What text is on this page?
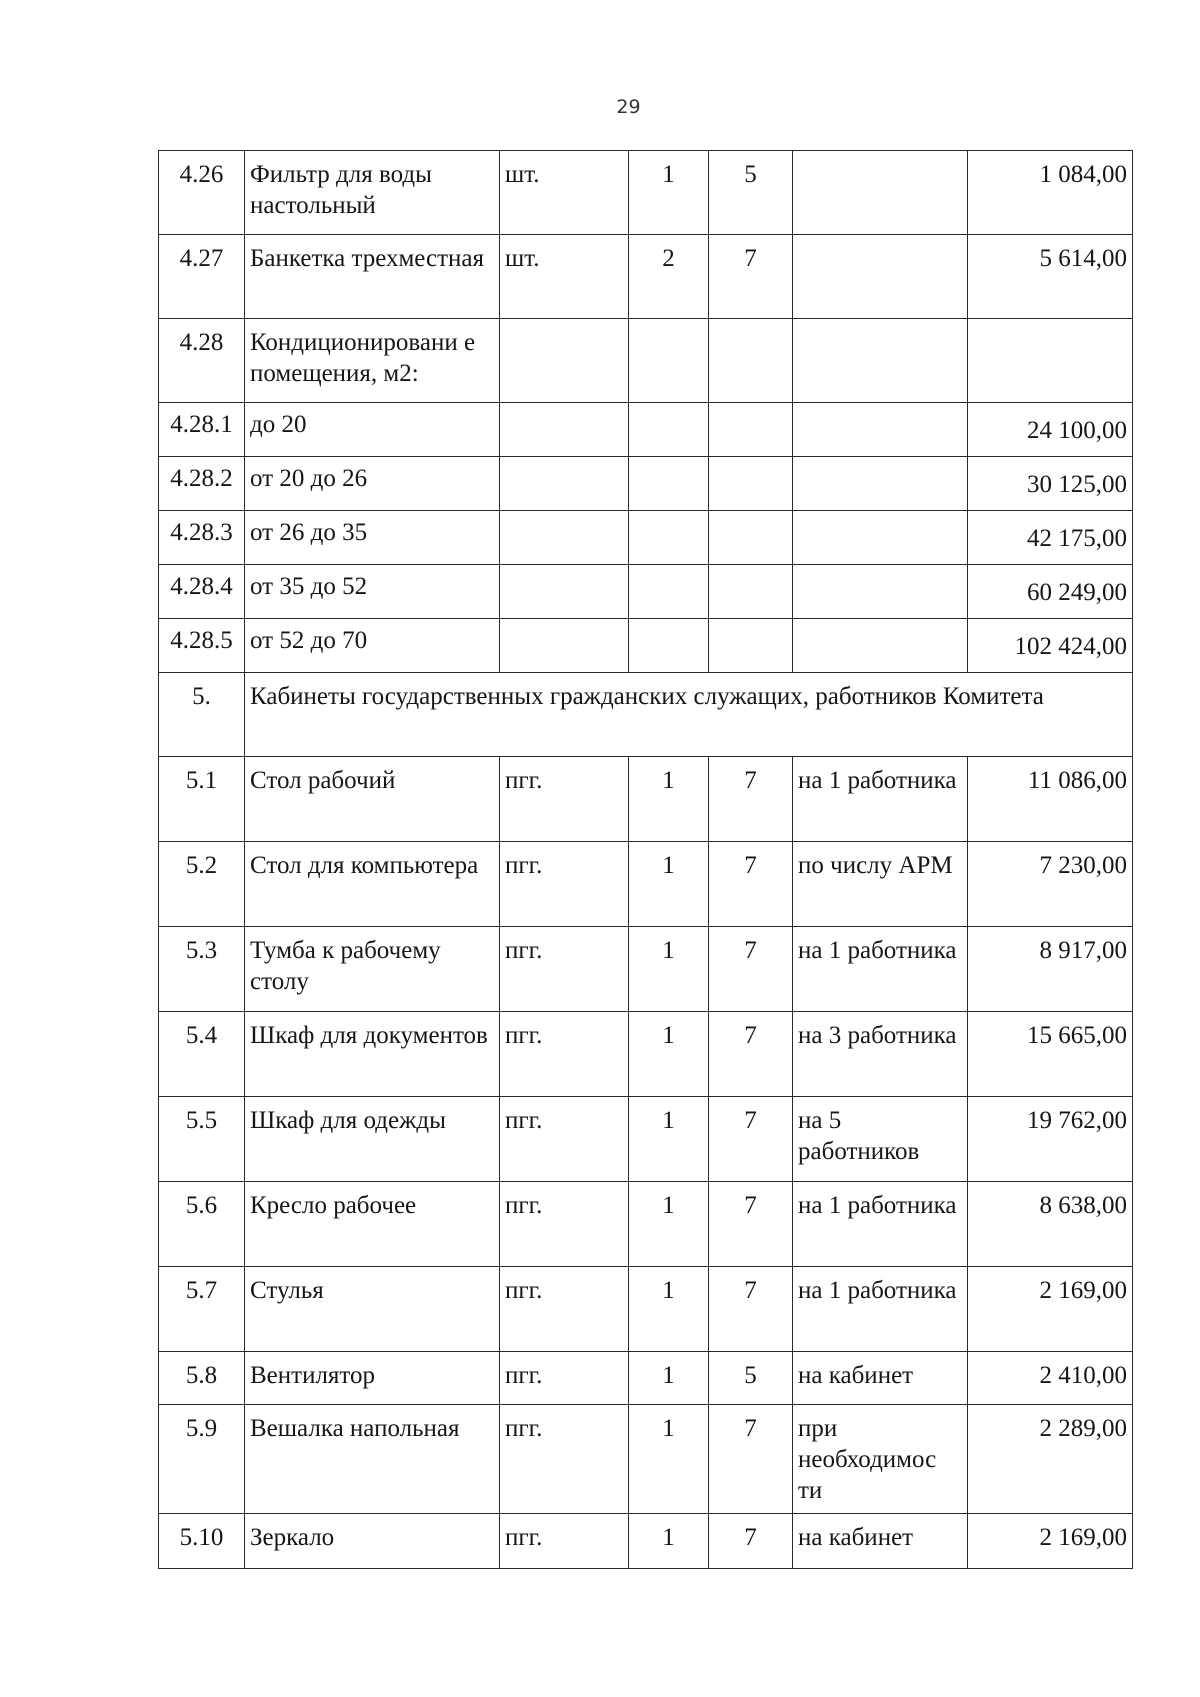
29
4.26	Фильтр для воды настольный	шт.	1	5		1 084,00
4.27	Банкетка трехместная	шт.	2	7		5 614,00
4.28	Кондиционировани е помещения, м2:					
4.28.1	до 20					24 100,00
4.28.2	от 20 до 26					30 125,00
4.28.3	от 26 до 35					42 175,00
4.28.4	от 35 до 52					60 249,00
4.28.5	от 52 до 70					102 424,00
5.	Кабинеты государственных гражданских служащих, работников Комитета					
5.1	Стол рабочий	пгг.	1	7	на 1 работника	11 086,00
5.2	Стол для компьютера	пгг.	1	7	по числу АРМ	7 230,00
5.3	Тумба к рабочему столу	пгг.	1	7	на 1 работника	8 917,00
5.4	Шкаф для документов	пгг.	1	7	на 3 работника	15 665,00
5.5	Шкаф для одежды	пгг.	1	7	на 5 работников	19 762,00
5.6	Кресло рабочее	пгг.	1	7	на 1 работника	8 638,00
5.7	Стулья	пгг.	1	7	на 1 работника	2 169,00
5.8	Вентилятор	пгг.	1	5	на кабинет	2 410,00
5.9	Вешалка напольная	пгг.	1	7	при необходимос ти	2 289,00
5.10	Зеркало	пгг.	1	7	на кабинет	2 169,00
